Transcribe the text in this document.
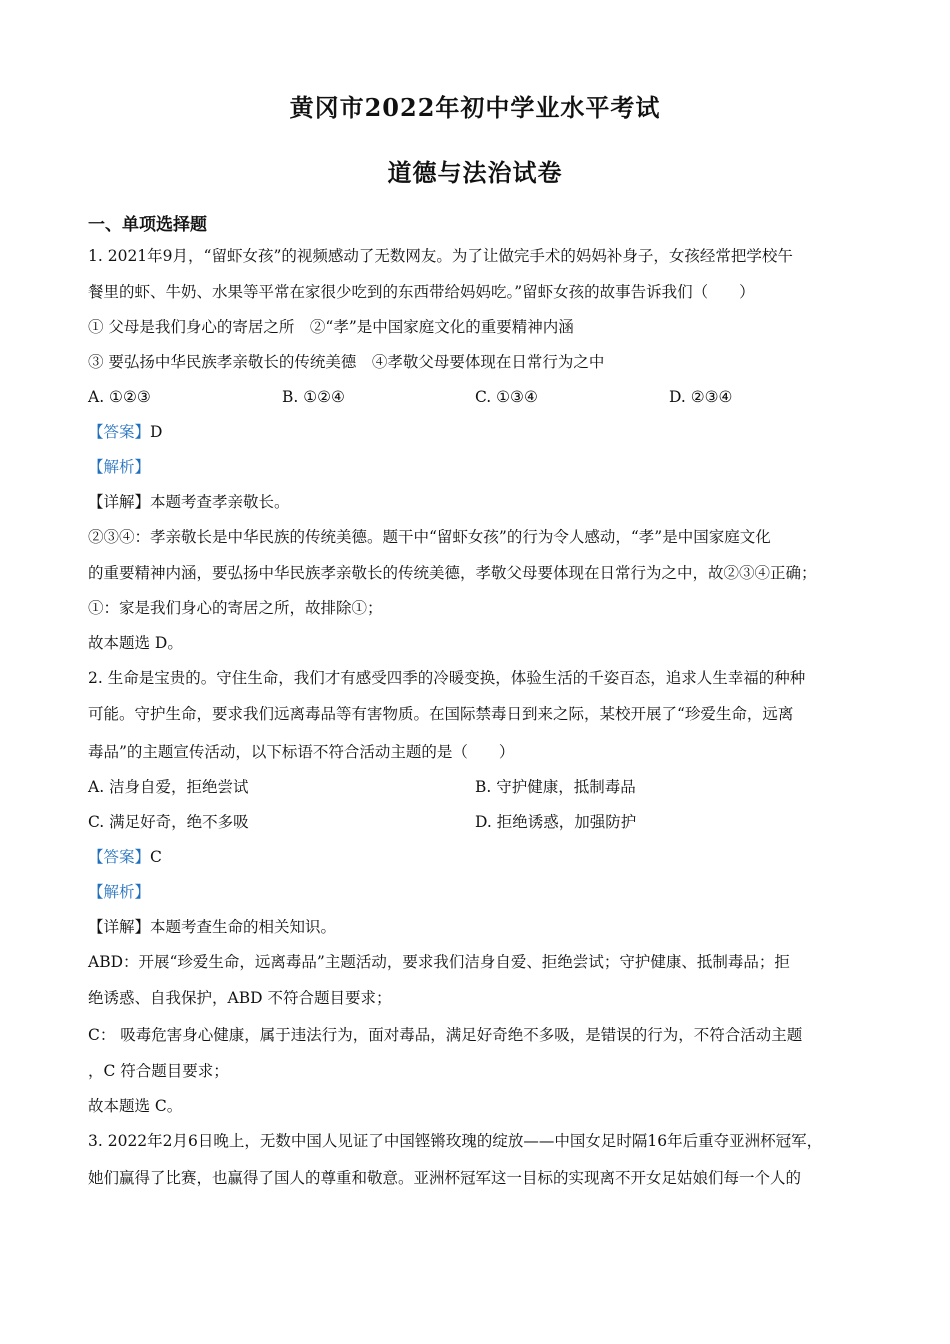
黄冈市2022年初中学业水平考试
道德与法治试卷
一、单项选择题
1. 2021年9月，“留虾女孩”的视频感动了无数网友。为了让做完手术的妈妈补身子，女孩经常把学校午
餐里的虾、牛奶、水果等平常在家很少吃到的东西带给妈妈吃。”留虾女孩的故事告诉我们（　　）
① 父母是我们身心的寄居之所　②“孝”是中国家庭文化的重要精神内涵
③ 要弘扬中华民族孝亲敬长的传统美德　④孝敬父母要体现在日常行为之中
A. ①②③	B. ①②④	C. ①③④	D. ②③④
【答案】D
【解析】
【详解】本题考查孝亲敬长。
②③④：孝亲敬长是中华民族的传统美德。题干中“留虾女孩”的行为令人感动，“孝”是中国家庭文化
的重要精神内涵，要弘扬中华民族孝亲敬长的传统美德，孝敬父母要体现在日常行为之中，故②③④正确；
①：家是我们身心的寄居之所，故排除①；
故本题选 D。
2. 生命是宝贵的。守住生命，我们才有感受四季的冷暖变换，体验生活的千姿百态，追求人生幸福的种种
可能。守护生命，要求我们远离毒品等有害物质。在国际禁毒日到来之际，某校开展了“珍爱生命，远离
毒品”的主题宣传活动，以下标语不符合活动主题的是（　　）
A. 洁身自爱，拒绝尝试	B. 守护健康，抵制毒品
C. 满足好奇，绝不多吸	D. 拒绝诱惑，加强防护
【答案】C
【解析】
【详解】本题考查生命的相关知识。
ABD：开展“珍爱生命，远离毒品”主题活动，要求我们洁身自爱、拒绝尝试；守护健康、抵制毒品；拒
绝诱惑、自我保护，ABD 不符合题目要求；
C： 吸毒危害身心健康，属于违法行为，面对毒品，满足好奇绝不多吸，是错误的行为，不符合活动主题
，C 符合题目要求；
故本题选 C。
3. 2022年2月6日晚上，无数中国人见证了中国铿锵玫瑰的绽放——中国女足时隔16年后重夺亚洲杯冠军，
她们赢得了比赛，也赢得了国人的尊重和敬意。亚洲杯冠军这一目标的实现离不开女足姑娘们每一个人的
